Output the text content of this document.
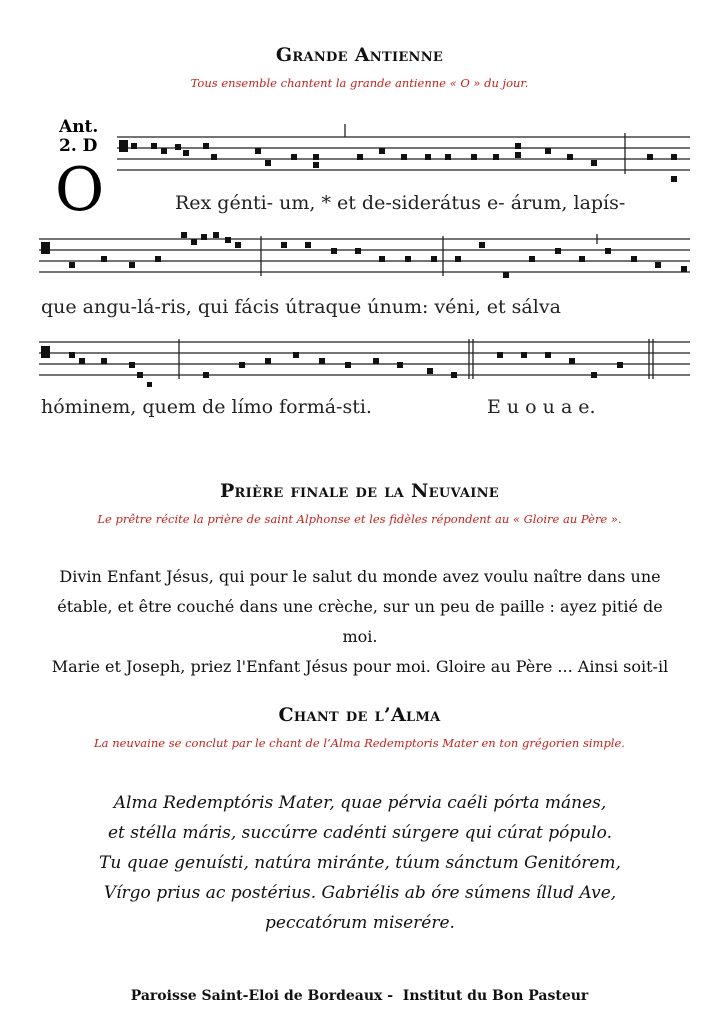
Grande Antienne
Tous ensemble chantent la grande antienne « O » du jour.
Ant.
2. D
O	Rex génti- um, * et de-siderátus e- árum, lapís-
que angu-lá-ris, qui fácis útraque únum: véni, et sálva
hóminem, quem de límo formá-sti.	E u o u a e.
Prière finale de la Neuvaine
Le prêtre récite la prière de saint Alphonse et les fidèles répondent au « Gloire au Père ».
Divin Enfant Jésus, qui pour le salut du monde avez voulu naître dans une
étable, et être couché dans une crèche, sur un peu de paille : ayez pitié de moi.
Marie et Joseph, priez l'Enfant Jésus pour moi. Gloire au Père ... Ainsi soit-il
Chant de l’Alma
La neuvaine se conclut par le chant de l’Alma Redemptoris Mater en ton grégorien simple.
Alma Redemptóris Mater, quae pérvia caéli pórta mánes,
et stélla máris, succúrre cadénti súrgere qui cúrat pópulo.
Tu quae genuísti, natúra miránte, túum sánctum Genitórem,
Vírgo prius ac postérius. Gabriélis ab óre súmens íllud Ave,
peccatórum miserére.
Paroisse Saint-Eloi de Bordeaux -  Institut du Bon Pasteur
